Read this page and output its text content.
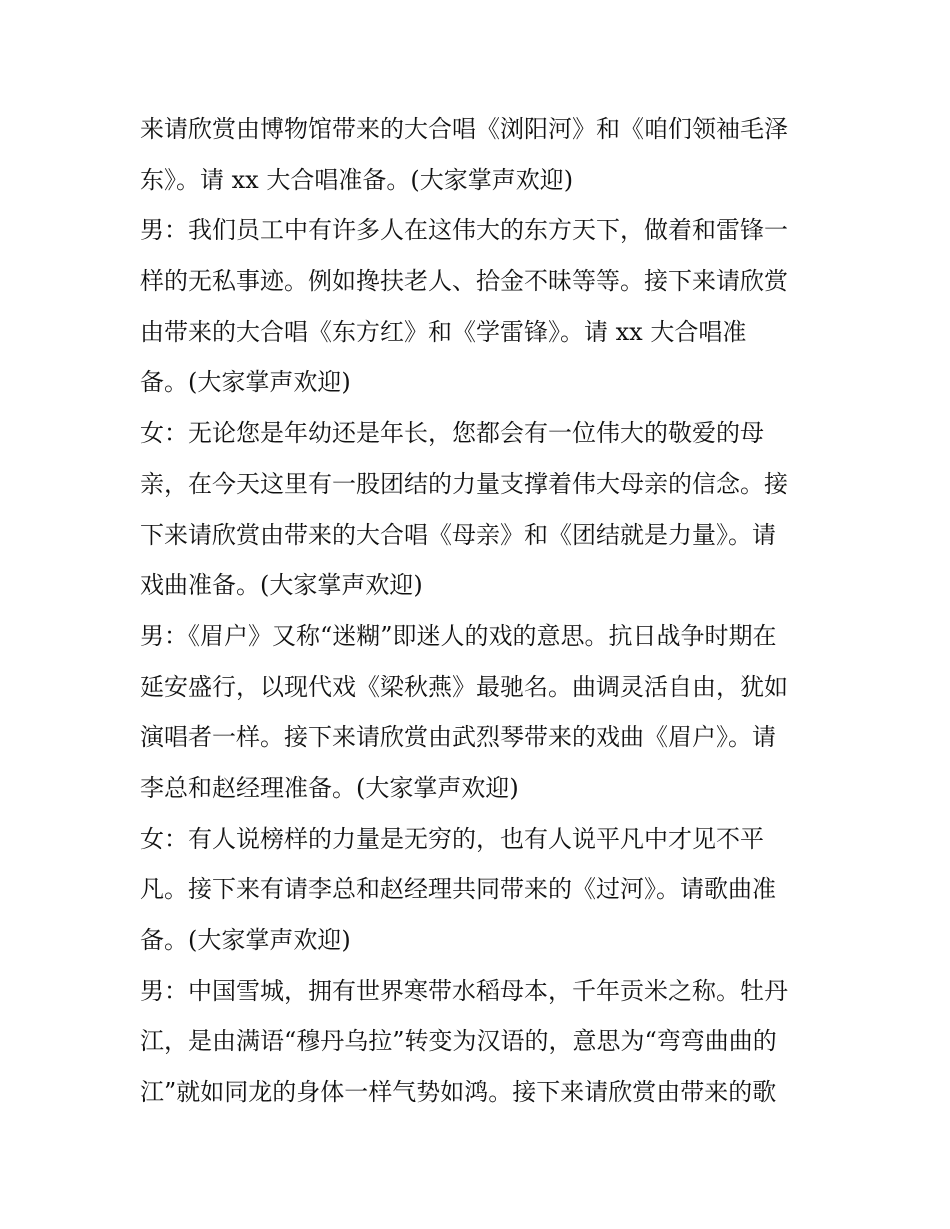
来请欣赏由博物馆带来的大合唱《浏阳河》和《咱们领袖毛泽

东》。请 xx 大合唱准备。(大家掌声欢迎)

男：我们员工中有许多人在这伟大的东方天下，做着和雷锋一

样的无私事迹。例如搀扶老人、拾金不昧等等。接下来请欣赏

由带来的大合唱《东方红》和《学雷锋》。请 xx 大合唱准

备。(大家掌声欢迎)

女：无论您是年幼还是年长，您都会有一位伟大的敬爱的母

亲，在今天这里有一股团结的力量支撑着伟大母亲的信念。接

下来请欣赏由带来的大合唱《母亲》和《团结就是力量》。请

戏曲准备。(大家掌声欢迎)

男：《眉户》又称“迷糊”即迷人的戏的意思。抗日战争时期在

延安盛行，以现代戏《梁秋燕》最驰名。曲调灵活自由，犹如

演唱者一样。接下来请欣赏由武烈琴带来的戏曲《眉户》。请

李总和赵经理准备。(大家掌声欢迎)

女：有人说榜样的力量是无穷的，也有人说平凡中才见不平

凡。接下来有请李总和赵经理共同带来的《过河》。请歌曲准

备。(大家掌声欢迎)

男：中国雪城，拥有世界寒带水稻母本，千年贡米之称。牡丹

江，是由满语“穆丹乌拉”转变为汉语的，意思为“弯弯曲曲的

江”就如同龙的身体一样气势如鸿。接下来请欣赏由带来的歌
